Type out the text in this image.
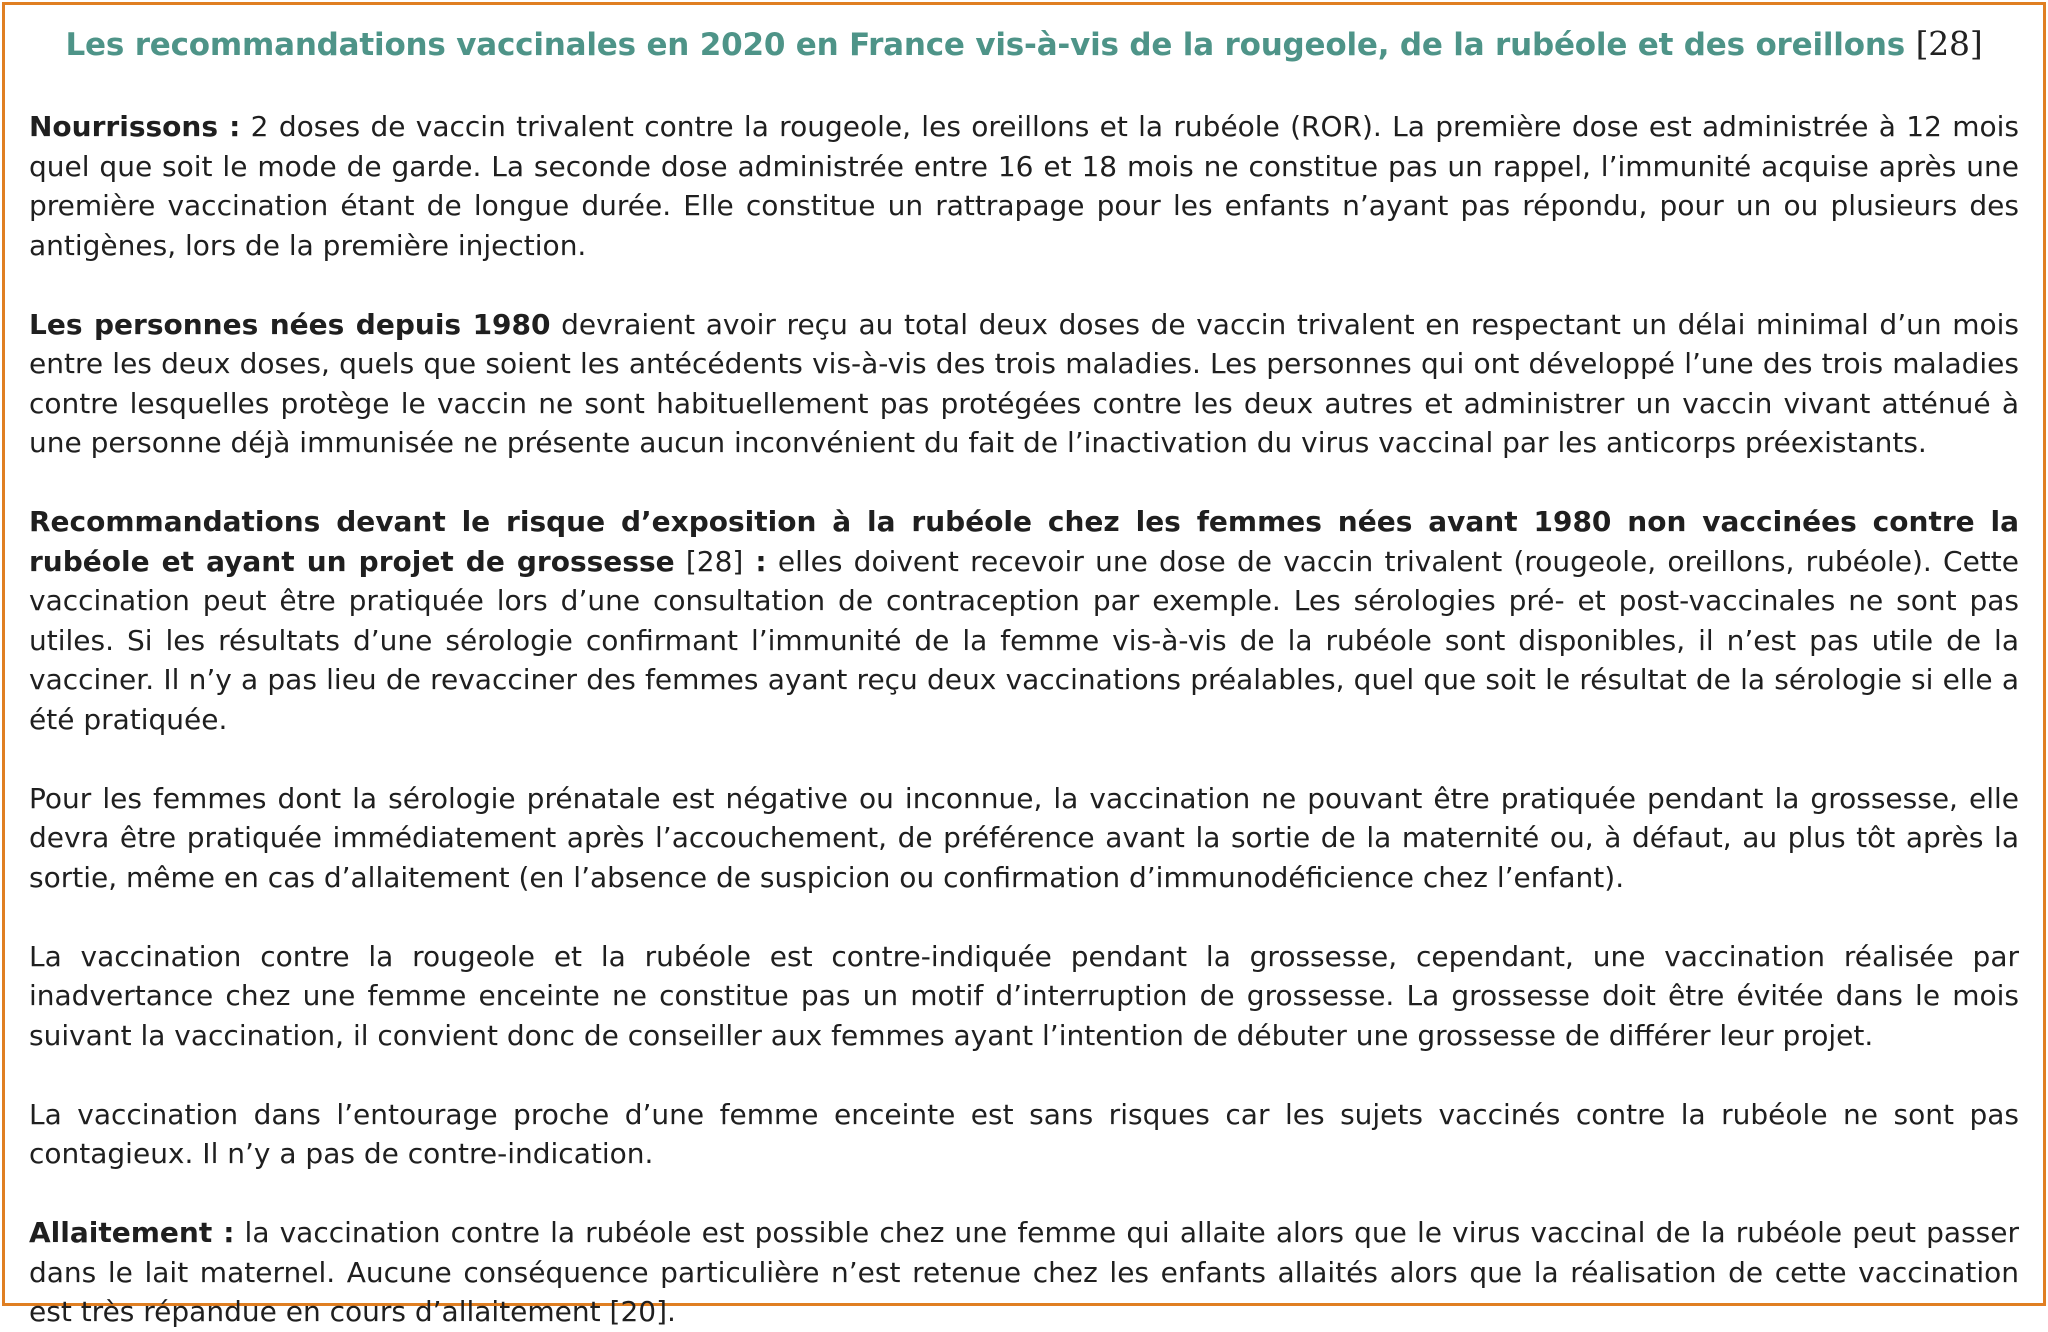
Les recommandations vaccinales en 2020 en France vis-à-vis de la rougeole, de la rubéole et des oreillons [28]

Nourrissons : 2 doses de vaccin trivalent contre la rougeole, les oreillons et la rubéole (ROR). La première dose est administrée à 12 mois quel que soit le mode de garde. La seconde dose administrée entre 16 et 18 mois ne constitue pas un rappel, l’immunité acquise après une première vaccination étant de longue durée. Elle constitue un rattrapage pour les enfants n’ayant pas répondu, pour un ou plusieurs des antigènes, lors de la première injection.

Les personnes nées depuis 1980 devraient avoir reçu au total deux doses de vaccin trivalent en respectant un délai minimal d’un mois entre les deux doses, quels que soient les antécédents vis-à-vis des trois maladies. Les personnes qui ont développé l’une des trois maladies contre lesquelles protège le vaccin ne sont habituellement pas protégées contre les deux autres et administrer un vaccin vivant atténué à une personne déjà immunisée ne présente aucun inconvénient du fait de l’inactivation du virus vaccinal par les anticorps préexistants.

Recommandations devant le risque d’exposition à la rubéole chez les femmes nées avant 1980 non vaccinées contre la rubéole et ayant un projet de grossesse [28] : elles doivent recevoir une dose de vaccin trivalent (rougeole, oreillons, rubéole). Cette vaccination peut être pratiquée lors d’une consultation de contraception par exemple. Les sérologies pré- et post-vaccinales ne sont pas utiles. Si les résultats d’une sérologie confirmant l’immunité de la femme vis-à-vis de la rubéole sont disponibles, il n’est pas utile de la vacciner. Il n’y a pas lieu de revacciner des femmes ayant reçu deux vaccinations préalables, quel que soit le résultat de la sérologie si elle a été pratiquée.

Pour les femmes dont la sérologie prénatale est négative ou inconnue, la vaccination ne pouvant être pratiquée pendant la grossesse, elle devra être pratiquée immédiatement après l’accouchement, de préférence avant la sortie de la maternité ou, à défaut, au plus tôt après la sortie, même en cas d’allaitement (en l’absence de suspicion ou confirmation d’immunodéficience chez l’enfant).

La vaccination contre la rougeole et la rubéole est contre-indiquée pendant la grossesse, cependant, une vaccination réalisée par inadvertance chez une femme enceinte ne constitue pas un motif d’interruption de grossesse. La grossesse doit être évitée dans le mois suivant la vaccination, il convient donc de conseiller aux femmes ayant l’intention de débuter une grossesse de différer leur projet.

La vaccination dans l’entourage proche d’une femme enceinte est sans risques car les sujets vaccinés contre la rubéole ne sont pas contagieux. Il n’y a pas de contre-indication.

Allaitement : la vaccination contre la rubéole est possible chez une femme qui allaite alors que le virus vaccinal de la rubéole peut passer dans le lait maternel. Aucune conséquence particulière n’est retenue chez les enfants allaités alors que la réalisation de cette vaccination est très répandue en cours d’allaitement [20].
